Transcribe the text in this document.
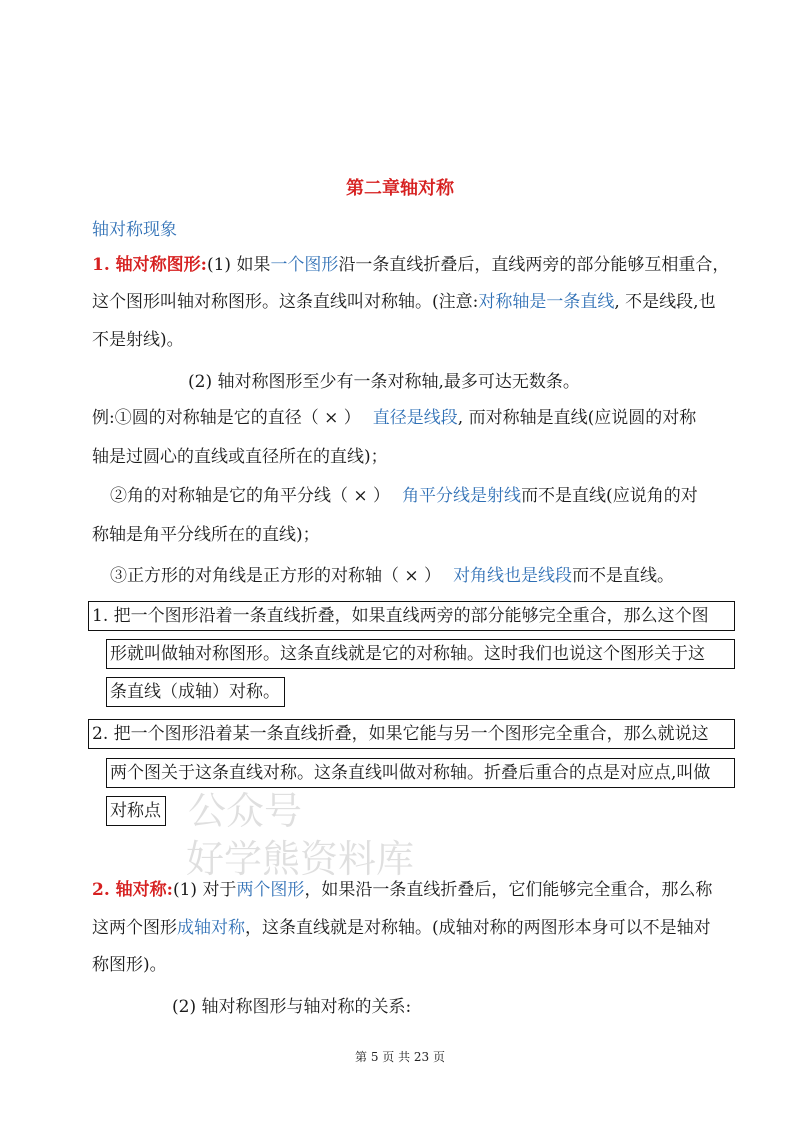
第二章轴对称
轴对称现象
1. 轴对称图形:(1) 如果一个图形沿一条直线折叠后，直线两旁的部分能够互相重合，
这个图形叫轴对称图形。这条直线叫对称轴。(注意:对称轴是一条直线, 不是线段,也
不是射线)。
(2) 轴对称图形至少有一条对称轴,最多可达无数条。
例:①圆的对称轴是它的直径（ × ） 直径是线段, 而对称轴是直线(应说圆的对称
轴是过圆心的直线或直径所在的直线)；
②角的对称轴是它的角平分线（ × ） 角平分线是射线而不是直线(应说角的对
称轴是角平分线所在的直线)；
③正方形的对角线是正方形的对称轴（ × ） 对角线也是线段而不是直线。
1. 把一个图形沿着一条直线折叠，如果直线两旁的部分能够完全重合，那么这个图
形就叫做轴对称图形。这条直线就是它的对称轴。这时我们也说这个图形关于这
条直线（成轴）对称。
2. 把一个图形沿着某一条直线折叠，如果它能与另一个图形完全重合，那么就说这
两个图关于这条直线对称。这条直线叫做对称轴。折叠后重合的点是对应点,叫做
对称点 公众号
好学熊资料库
2. 轴对称:(1) 对于两个图形，如果沿一条直线折叠后，它们能够完全重合，那么称
这两个图形成轴对称，这条直线就是对称轴。(成轴对称的两图形本身可以不是轴对
称图形)。
(2) 轴对称图形与轴对称的关系:
第 5 页 共 23 页
